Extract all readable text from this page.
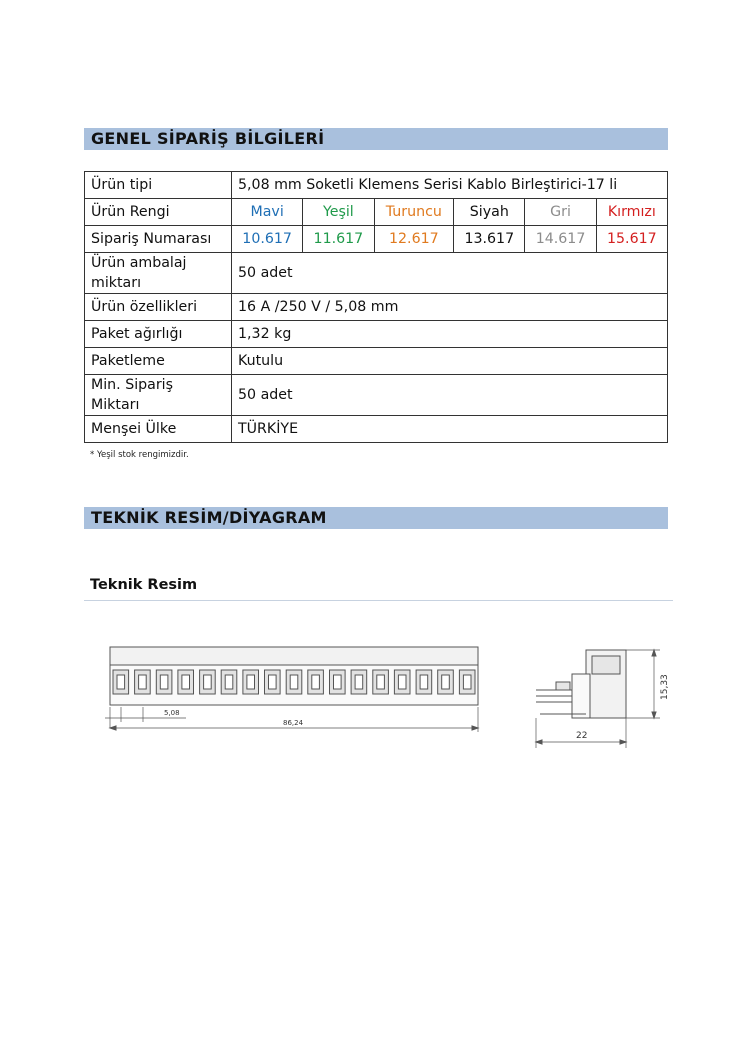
GENEL SİPARİŞ BİLGİLERİ
Ürün tipi	5,08 mm Soketli Klemens Serisi Kablo Birleştirici-17 li					
Ürün Rengi	Mavi	Yeşil	Turuncu	Siyah	Gri	Kırmızı
Sipariş Numarası	10.617	11.617	12.617	13.617	14.617	15.617
Ürün ambalaj miktarı	50 adet					
Ürün özellikleri	16 A /250 V / 5,08 mm					
Paket ağırlığı	1,32 kg					
Paketleme	Kutulu					
Min. Sipariş Miktarı	50 adet					
Menşei Ülke	TÜRKİYE					
* Yeşil stok rengimizdir.
TEKNİK RESİM/DİYAGRAM
Teknik Resim
5,08
86,24
15,33
22
